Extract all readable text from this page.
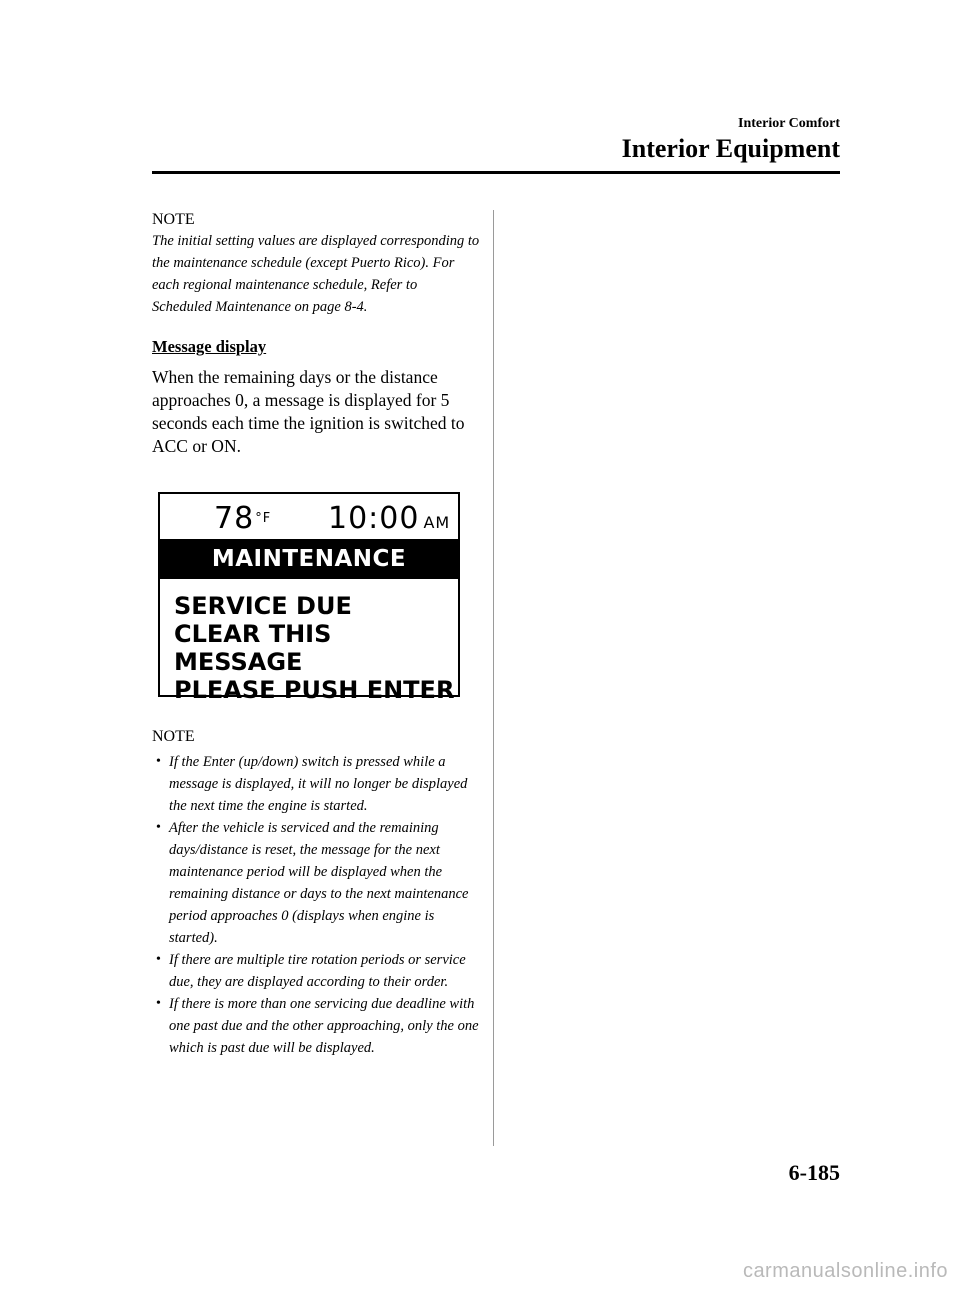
Interior Comfort
Interior Equipment
NOTE
The initial setting values are displayed corresponding to the maintenance schedule (except Puerto Rico). For each regional maintenance schedule, Refer to Scheduled Maintenance on page 8-4.
Message display
When the remaining days or the distance approaches 0, a message is displayed for 5 seconds each time the ignition is switched to ACC or ON.
$78^{^\circ F}$ 10:00 AM
MAINTENANCE
SERVICE DUE
CLEAR THIS MESSAGE
PLEASE PUSH ENTER
NOTE
• If the Enter (up/down) switch is pressed while a message is displayed, it will no longer be displayed the next time the engine is started.
• After the vehicle is serviced and the remaining days/distance is reset, the message for the next maintenance period will be displayed when the remaining distance or days to the next maintenance period approaches 0 (displays when engine is started).
• If there are multiple tire rotation periods or service due, they are displayed according to their order.
• If there is more than one servicing due deadline with one past due and the other approaching, only the one which is past due will be displayed.
6-185
carmanualsonline.info
